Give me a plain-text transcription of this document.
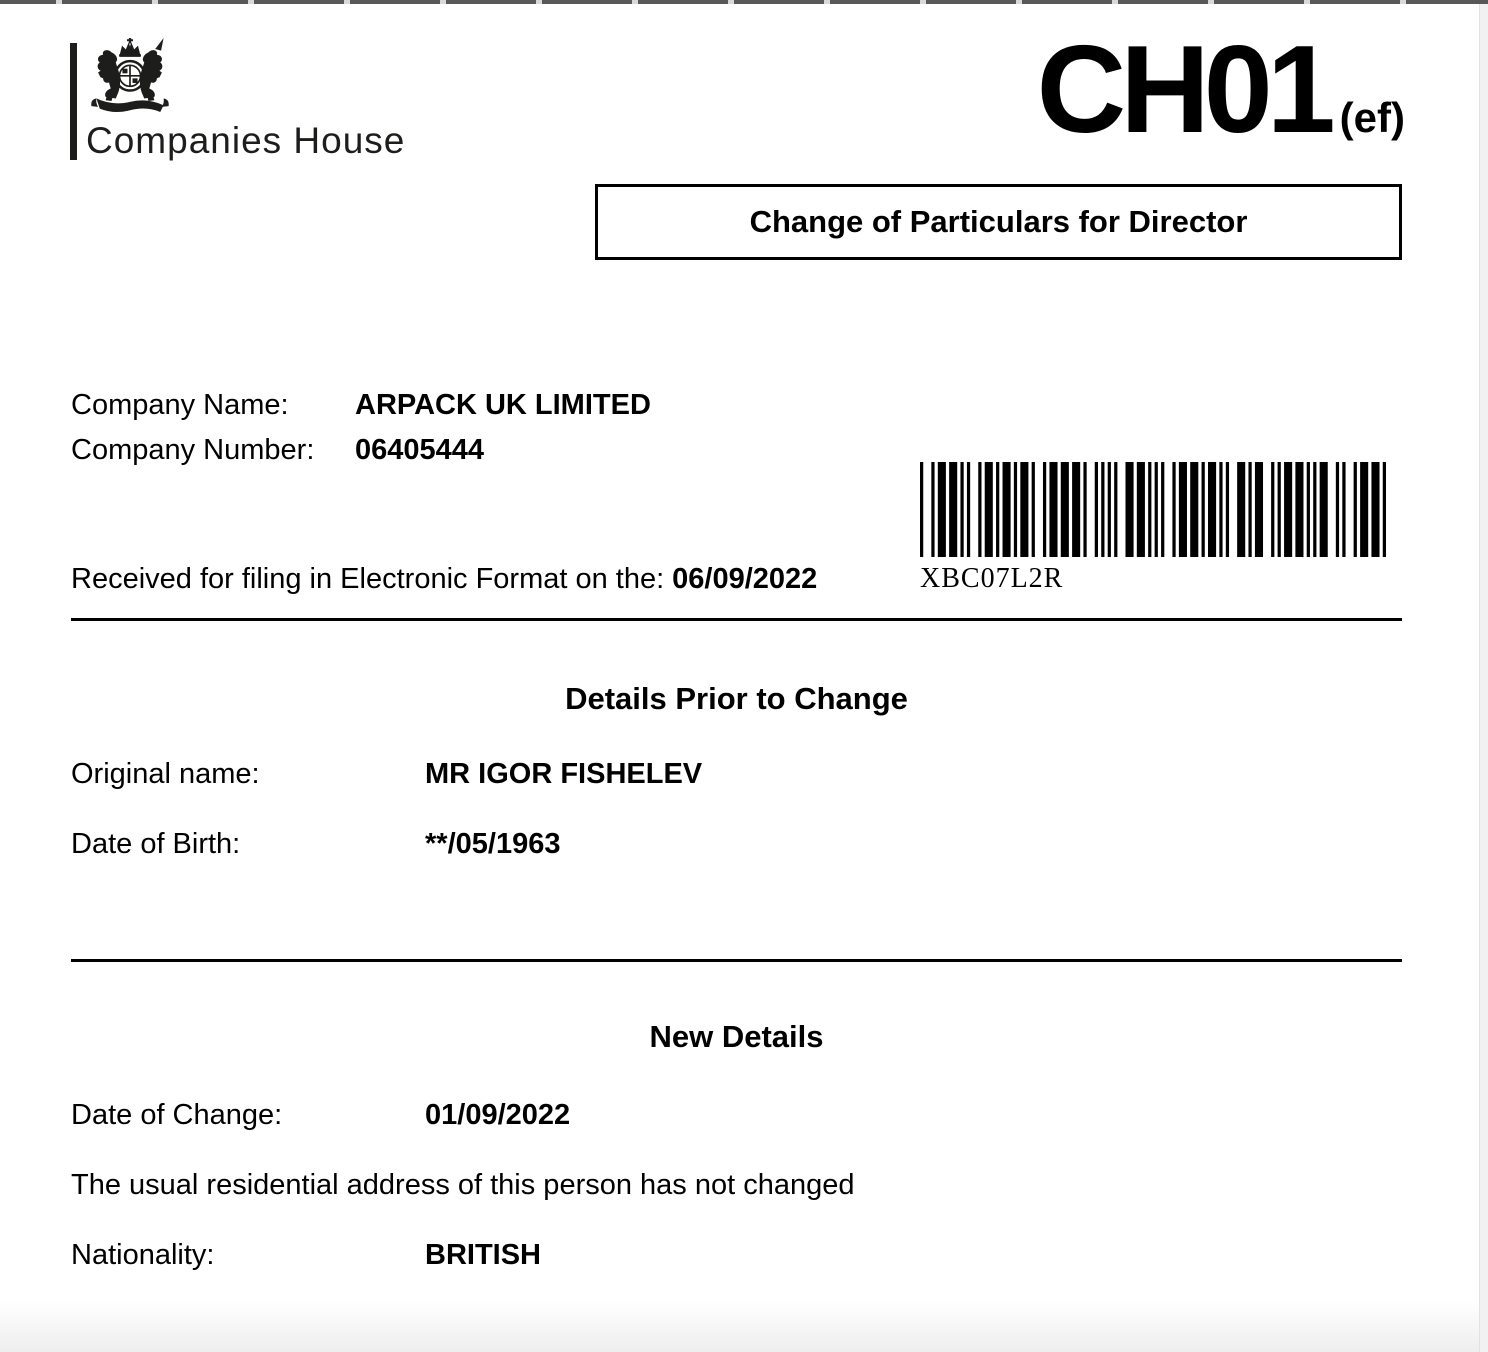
Companies House	CH01 (ef)
Change of Particulars for Director
Company Name:	ARPACK UK LIMITED
Company Number:	06405444
XBC07L2R
Received for filing in Electronic Format on the: 06/09/2022
Details Prior to Change
Original name:	MR IGOR FISHELEV
Date of Birth:	**/05/1963
New Details
Date of Change:	01/09/2022
The usual residential address of this person has not changed
Nationality:	BRITISH
